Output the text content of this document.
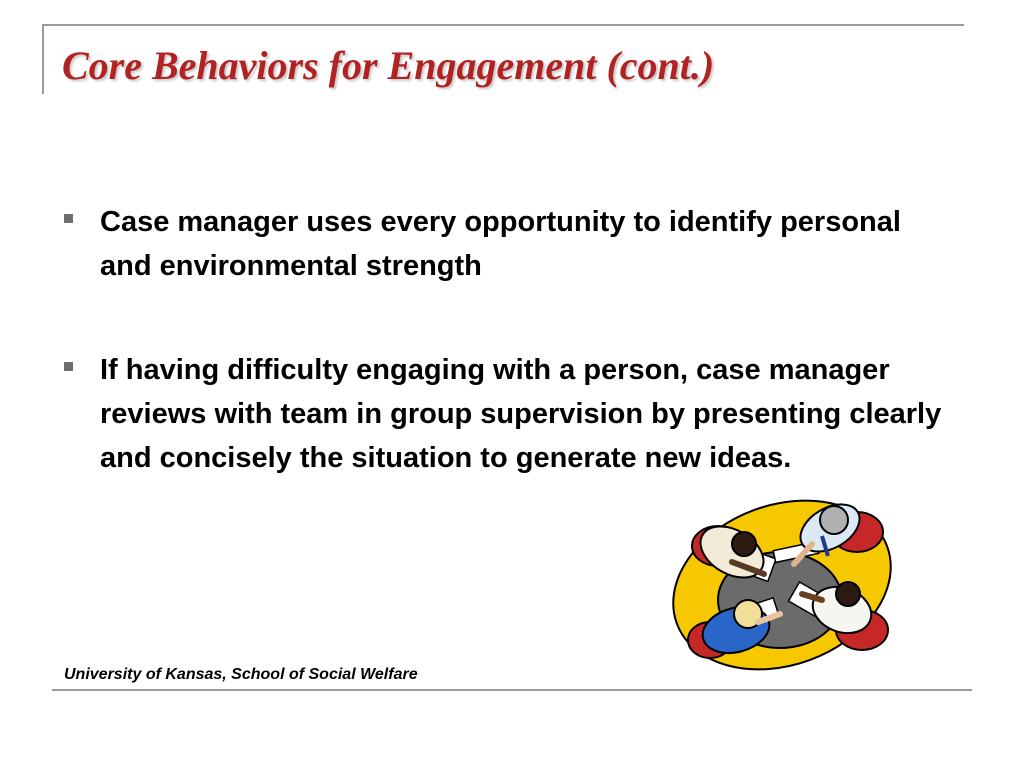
Core Behaviors for Engagement (cont.)
Case manager uses every opportunity to identify personal and environmental strength
If having difficulty engaging with a person, case manager reviews with team in group supervision by presenting clearly and concisely the situation to generate new ideas.

University of Kansas, School of Social Welfare
